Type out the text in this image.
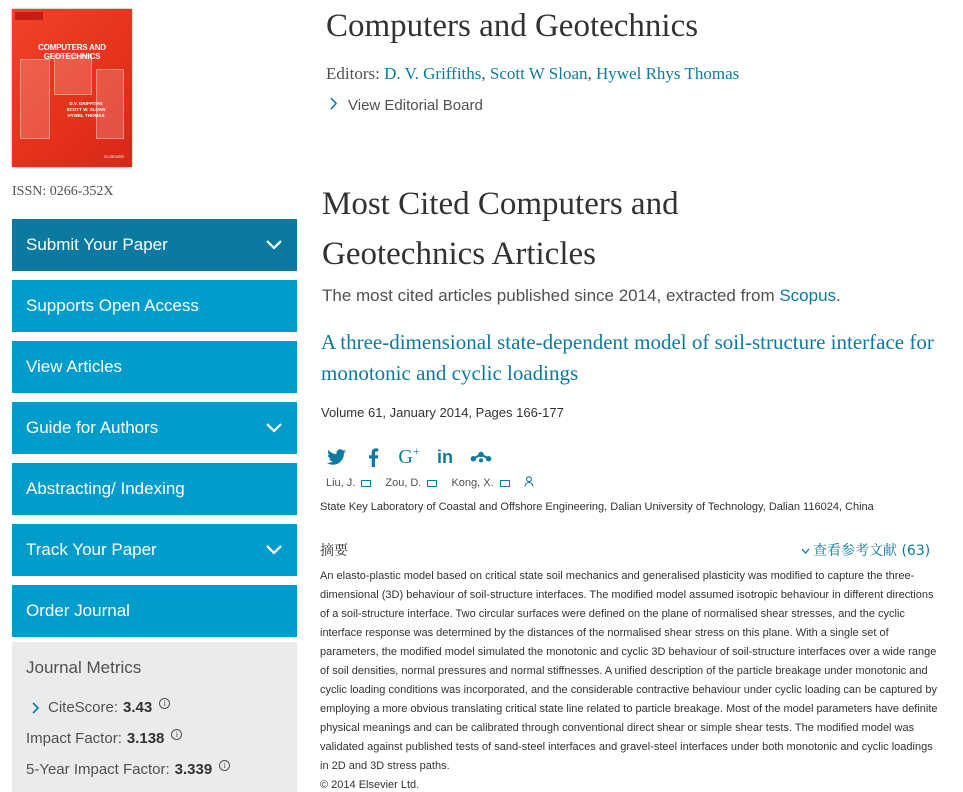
COMPUTERS AND GEOTECHNICS
D.V. GRIFFITHS
SCOTT W. SLOAN
HYWEL THOMAS
ELSEVIER
ISSN: 0266-352X
Submit Your Paper
Supports Open Access
View Articles
Guide for Authors
Abstracting/ Indexing
Track Your Paper
Order Journal
Journal Metrics
CiteScore: 3.43	i
Impact Factor: 3.138	i
5-Year Impact Factor: 3.339	i
Computers and Geotechnics
Editors: D. V. Griffiths, Scott W Sloan, Hywel Rhys Thomas
View Editorial Board
Most Cited Computers and Geotechnics Articles
The most cited articles published since 2014, extracted from Scopus.
A three-dimensional state-dependent model of soil-structure interface for monotonic and cyclic loadings
Volume 61, January 2014, Pages 166-177
G + in
Liu, J.	Zou, D.	Kong, X.
State Key Laboratory of Coastal and Offshore Engineering, Dalian University of Technology, Dalian 116024, China
摘要	查看参考文献 (63)
An elasto-plastic model based on critical state soil mechanics and generalised plasticity was modified to capture the three-dimensional (3D) behaviour of soil-structure interfaces. The modified model assumed isotropic behaviour in different directions of a soil-structure interface. Two circular surfaces were defined on the plane of normalised shear stresses, and the cyclic interface response was determined by the distances of the normalised shear stress on this plane. With a single set of parameters, the modified model simulated the monotonic and cyclic 3D behaviour of soil-structure interfaces over a wide range of soil densities, normal pressures and normal stiffnesses. A unified description of the particle breakage under monotonic and cyclic loading conditions was incorporated, and the considerable contractive behaviour under cyclic loading can be captured by employing a more obvious translating critical state line related to particle breakage. Most of the model parameters have definite physical meanings and can be calibrated through conventional direct shear or simple shear tests. The modified model was validated against published tests of sand-steel interfaces and gravel-steel interfaces under both monotonic and cyclic loadings in 2D and 3D stress paths.
© 2014 Elsevier Ltd.
